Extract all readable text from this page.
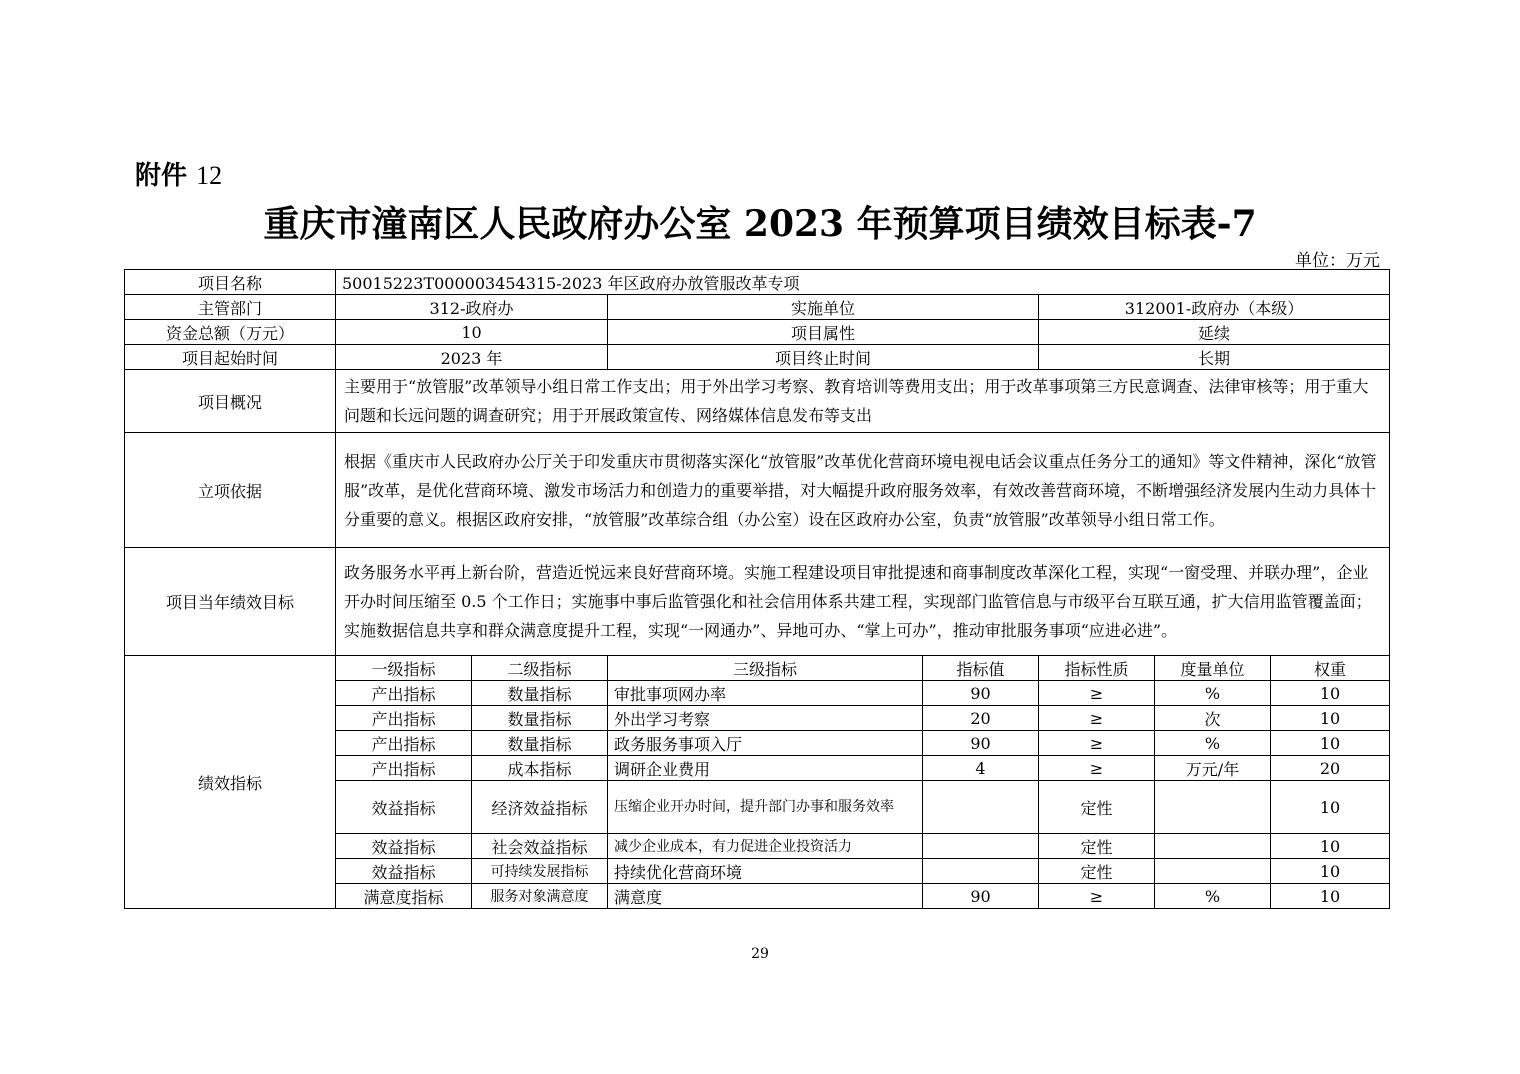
附件 12
重庆市潼南区人民政府办公室 2023 年预算项目绩效目标表-7
单位：万元
项目名称	50015223T000003454315-2023 年区政府办放管服改革专项						
主管部门	312-政府办		实施单位		312001-政府办（本级）		
资金总额（万元）	10		项目属性		延续		
项目起始时间	2023 年		项目终止时间		长期		
项目概况	主要用于“放管服”改革领导小组日常工作支出；用于外出学习考察、教育培训等费用支出；用于改革事项第三方民意调查、法律审核等；用于重大问题和长远问题的调查研究；用于开展政策宣传、网络媒体信息发布等支出						
立项依据	根据《重庆市人民政府办公厅关于印发重庆市贯彻落实深化“放管服”改革优化营商环境电视电话会议重点任务分工的通知》等文件精神，深化“放管服”改革，是优化营商环境、激发市场活力和创造力的重要举措，对大幅提升政府服务效率，有效改善营商环境，不断增强经济发展内生动力具体十分重要的意义。根据区政府安排，“放管服”改革综合组（办公室）设在区政府办公室，负责“放管服”改革领导小组日常工作。						
项目当年绩效目标	政务服务水平再上新台阶，营造近悦远来良好营商环境。实施工程建设项目审批提速和商事制度改革深化工程，实现“一窗受理、并联办理”，企业开办时间压缩至 0.5 个工作日；实施事中事后监管强化和社会信用体系共建工程，实现部门监管信息与市级平台互联互通，扩大信用监管覆盖面；实施数据信息共享和群众满意度提升工程，实现“一网通办”、异地可办、“掌上可办”，推动审批服务事项“应进必进”。						
绩效指标	一级指标	二级指标	三级指标	指标值	指标性质	度量单位	权重
	产出指标	数量指标	审批事项网办率	90	≥	%	10
	产出指标	数量指标	外出学习考察	20	≥	次	10
	产出指标	数量指标	政务服务事项入厅	90	≥	%	10
	产出指标	成本指标	调研企业费用	4	≥	万元/年	20
	效益指标	经济效益指标	压缩企业开办时间，提升部门办事和服务效率		定性		10
	效益指标	社会效益指标	减少企业成本，有力促进企业投资活力		定性		10
	效益指标	可持续发展指标	持续优化营商环境		定性		10
	满意度指标	服务对象满意度	满意度	90	≥	%	10
29
